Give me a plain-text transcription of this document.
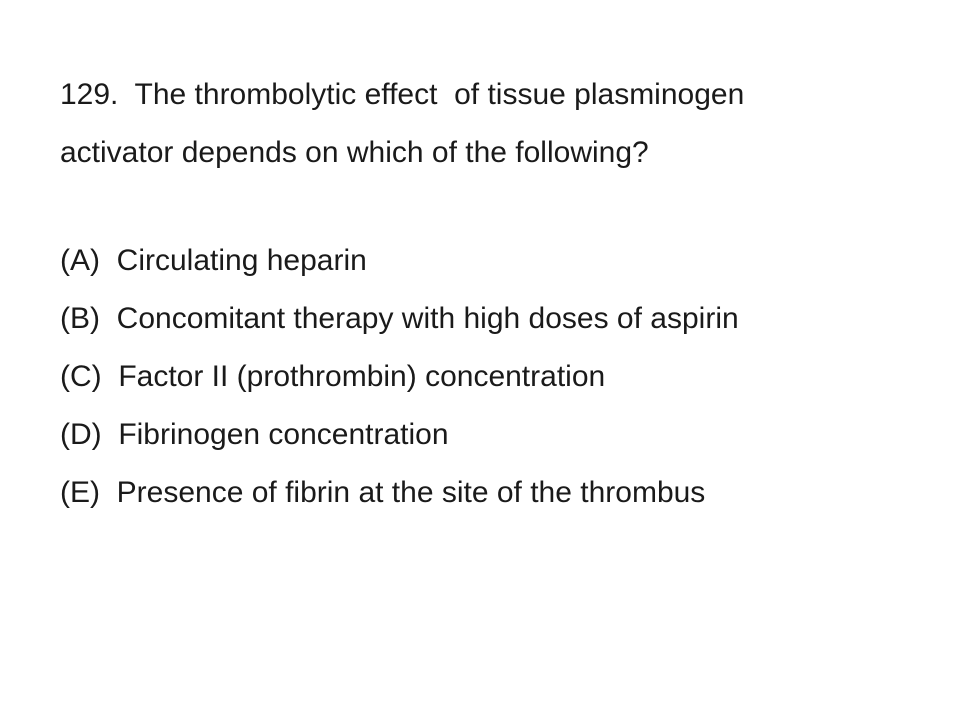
129.  The thrombolytic effect  of tissue plasminogen
activator depends on which of the following?
(A)  Circulating heparin
(B)  Concomitant therapy with high doses of aspirin
(C)  Factor II (prothrombin) concentration
(D)  Fibrinogen concentration
(E)  Presence of fibrin at the site of the thrombus
